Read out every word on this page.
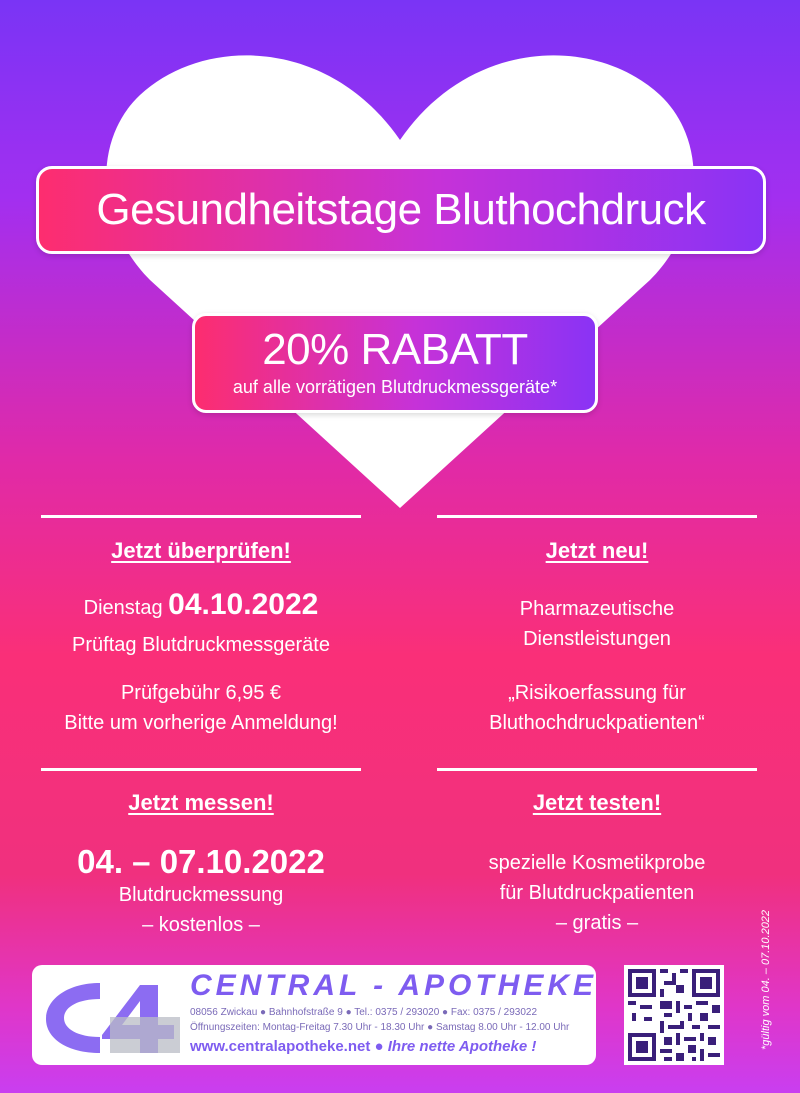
Gesundheitstage Bluthochdruck
20% RABATT
auf alle vorrätigen Blutdruckmessgeräte*
Jetzt überprüfen!
Dienstag 04.10.2022
Prüftag Blutdruckmessgeräte
Prüfgebühr 6,95 €
Bitte um vorherige Anmeldung!
Jetzt neu!
Pharmazeutische
Dienstleistungen
„Risikoerfassung für
Bluthochdruckpatienten“
Jetzt messen!
04. – 07.10.2022
Blutdruckmessung
– kostenlos –
Jetzt testen!
spezielle Kosmetikprobe
für Blutdruckpatienten
– gratis –
CENTRAL - APOTHEKE
08056 Zwickau ● Bahnhofstraße 9 ● Tel.: 0375 / 293020 ● Fax: 0375 / 293022
Öffnungszeiten: Montag-Freitag 7.30 Uhr - 18.30 Uhr ● Samstag 8.00 Uhr - 12.00 Uhr
www.centralapotheke.net ● Ihre nette Apotheke !	*gültig vom 04. – 07.10.2022
